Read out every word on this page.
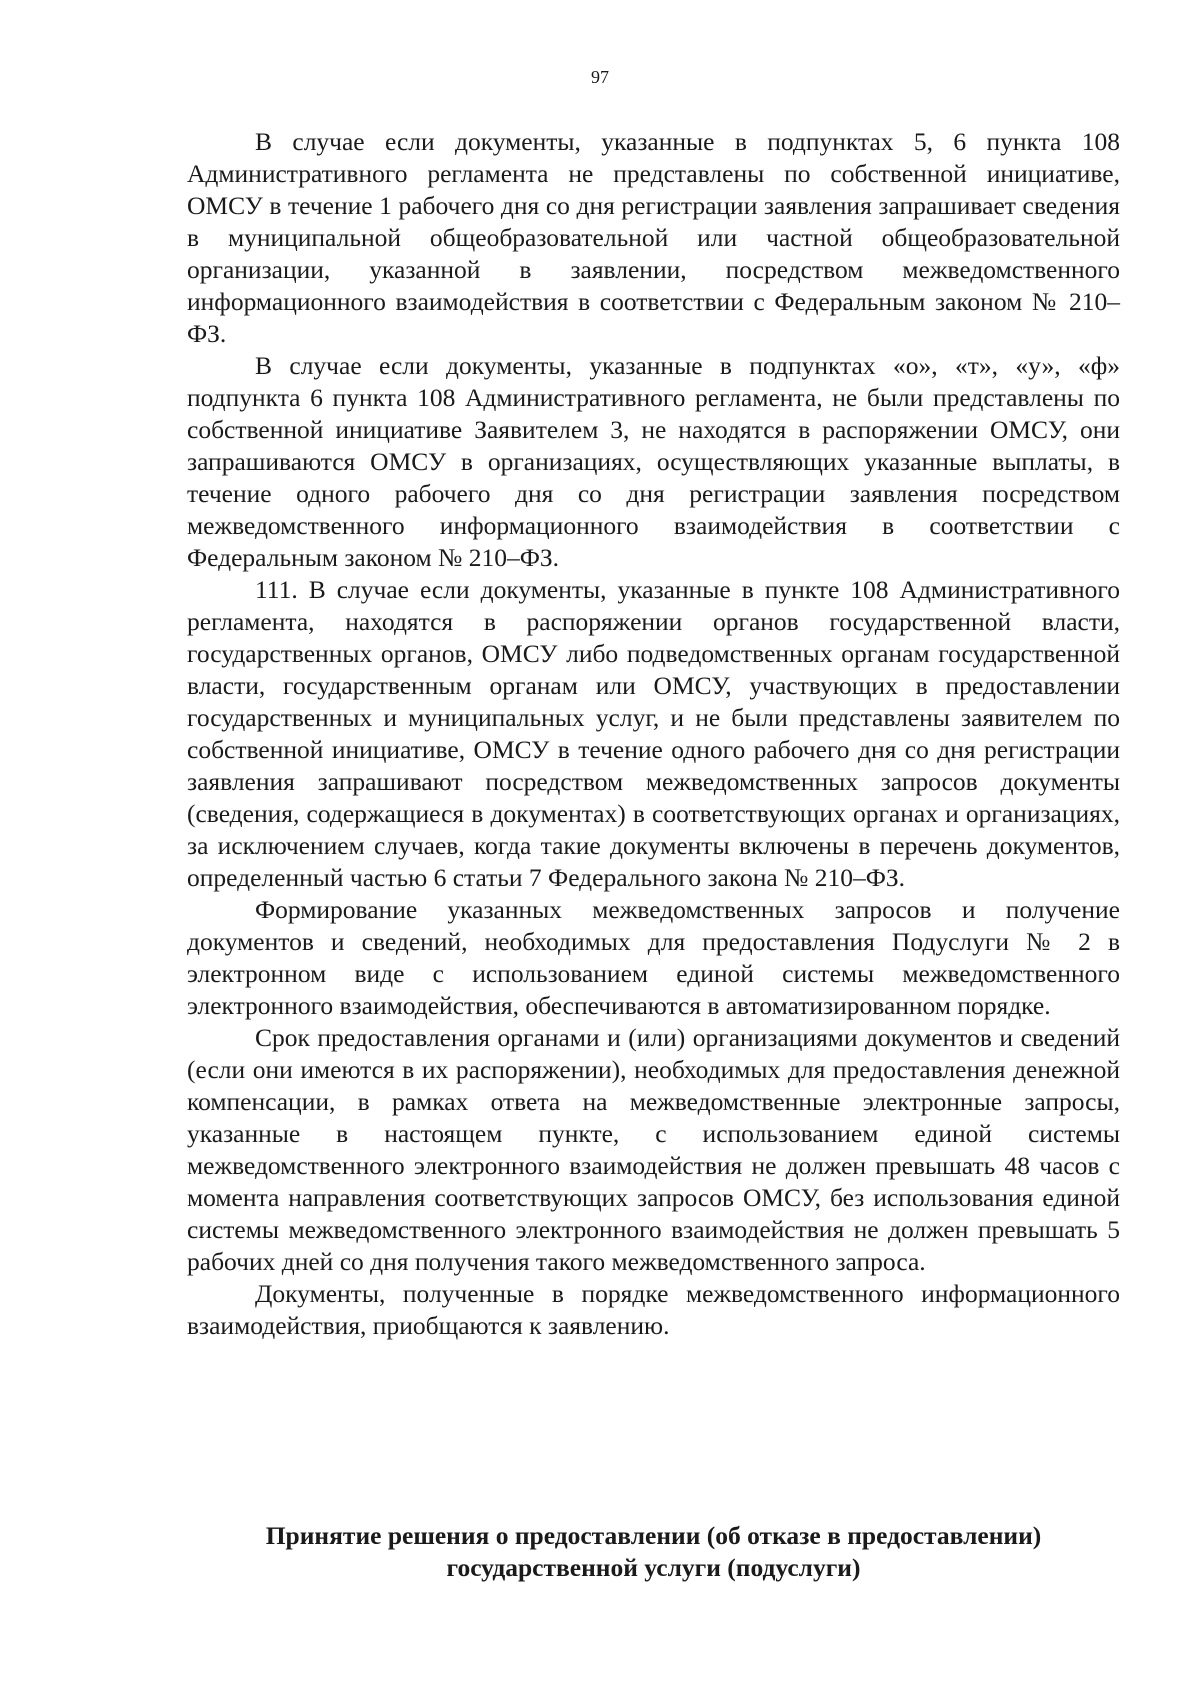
97

В случае если документы, указанные в подпунктах 5, 6 пункта 108 Административного регламента не представлены по собственной инициативе, ОМСУ в течение 1 рабочего дня со дня регистрации заявления запрашивает сведения в муниципальной общеобразовательной или частной общеобразовательной организации, указанной в заявлении, посредством межведомственного информационного взаимодействия в соответствии с Федеральным законом № 210–ФЗ.

В случае если документы, указанные в подпунктах «о», «т», «у», «ф» подпункта 6 пункта 108 Административного регламента, не были представлены по собственной инициативе Заявителем 3, не находятся в распоряжении ОМСУ, они запрашиваются ОМСУ в организациях, осуществляющих указанные выплаты, в течение одного рабочего дня со дня регистрации заявления посредством межведомственного информационного взаимодействия в соответствии с Федеральным законом № 210–ФЗ.

111. В случае если документы, указанные в пункте 108 Административного регламента, находятся в распоряжении органов государственной власти, государственных органов, ОМСУ либо подведомственных органам государственной власти, государственным органам или ОМСУ, участвующих в предоставлении государственных и муниципальных услуг, и не были представлены заявителем по собственной инициативе, ОМСУ в течение одного рабочего дня со дня регистрации заявления запрашивают посредством межведомственных запросов документы (сведения, содержащиеся в документах) в соответствующих органах и организациях, за исключением случаев, когда такие документы включены в перечень документов, определенный частью 6 статьи 7 Федерального закона № 210–ФЗ.

Формирование указанных межведомственных запросов и получение документов и сведений, необходимых для предоставления Подуслуги № 2 в электронном виде с использованием единой системы межведомственного электронного взаимодействия, обеспечиваются в автоматизированном порядке.

Срок предоставления органами и (или) организациями документов и сведений (если они имеются в их распоряжении), необходимых для предоставления денежной компенсации, в рамках ответа на межведомственные электронные запросы, указанные в настоящем пункте, с использованием единой системы межведомственного электронного взаимодействия не должен превышать 48 часов с момента направления соответствующих запросов ОМСУ, без использования единой системы межведомственного электронного взаимодействия не должен превышать 5 рабочих дней со дня получения такого межведомственного запроса.

Документы, полученные в порядке межведомственного информационного взаимодействия, приобщаются к заявлению.

Принятие решения о предоставлении (об отказе в предоставлении)
государственной услуги (подуслуги)
